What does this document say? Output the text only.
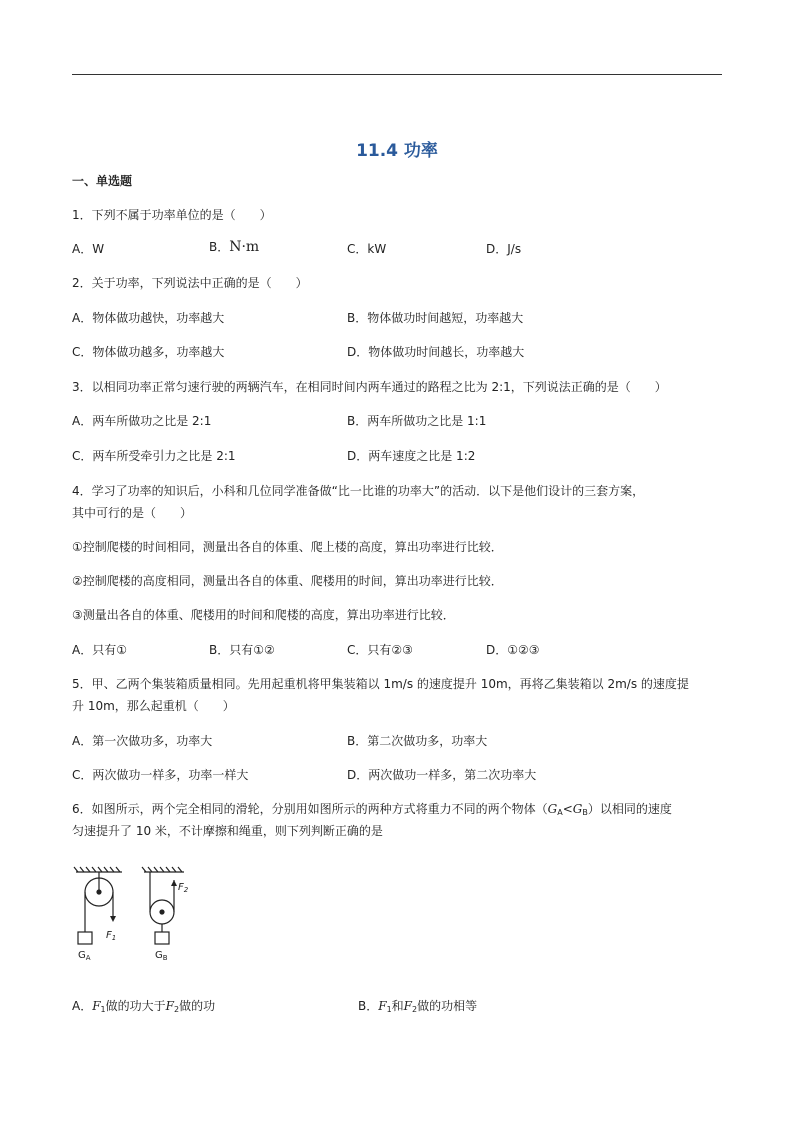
11.4 功率
一、单选题
1．下列不属于功率单位的是（　　）
A．W	B．N·m	C．kW	D．J/s
2．关于功率，下列说法中正确的是（　　）
A．物体做功越快，功率越大	B．物体做功时间越短，功率越大
C．物体做功越多，功率越大	D．物体做功时间越长，功率越大
3．以相同功率正常匀速行驶的两辆汽车，在相同时间内两车通过的路程之比为 2:1，下列说法正确的是（　　）
A．两车所做功之比是 2:1	B．两车所做功之比是 1:1
C．两车所受牵引力之比是 2:1	D．两车速度之比是 1:2
4．学习了功率的知识后，小科和几位同学准备做“比一比谁的功率大”的活动．以下是他们设计的三套方案，
其中可行的是（　　）
①控制爬楼的时间相同，测量出各自的体重、爬上楼的高度，算出功率进行比较．
②控制爬楼的高度相同，测量出各自的体重、爬楼用的时间，算出功率进行比较．
③测量出各自的体重、爬楼用的时间和爬楼的高度，算出功率进行比较．
A．只有①	B．只有①②	C．只有②③	D．①②③
5．甲、乙两个集装箱质量相同。先用起重机将甲集装箱以 1m/s 的速度提升 10m，再将乙集装箱以 2m/s 的速度提
升 10m，那么起重机（　　）
A．第一次做功多，功率大	B．第二次做功多，功率大
C．两次做功一样多，功率一样大	D．两次做功一样多，第二次功率大
6．如图所示，两个完全相同的滑轮，分别用如图所示的两种方式将重力不同的两个物体$(G_A<G_B)$以相同的速度
匀速提升了 10 米，不计摩擦和绳重，则下列判断正确的是
$F_1$
$F_2$
$G_A$	$G_B$
A．$F_1$做的功大于$F_2$做的功	B．$F_1$和$F_2$做的功相等
